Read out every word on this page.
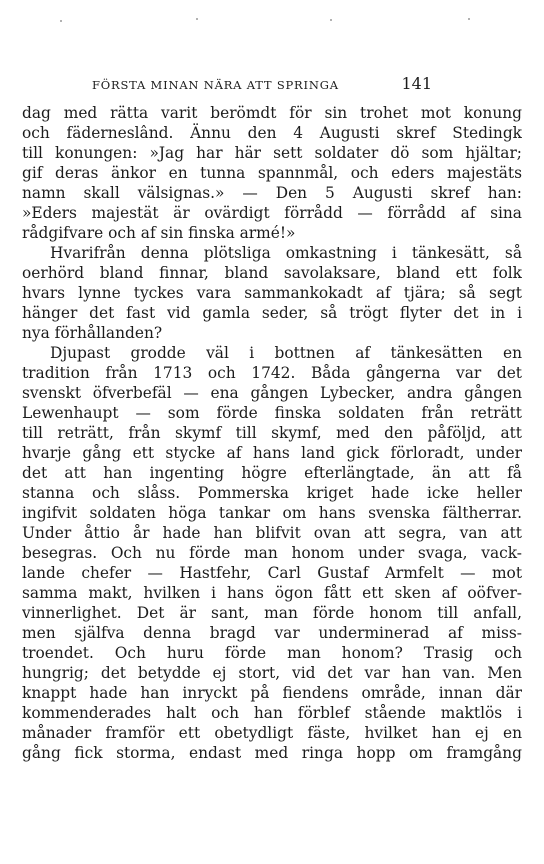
FÖRSTA MINAN NÄRA ATT SPRINGA	141
dag med rätta varit berömdt för sin trohet mot konung
och fäderneslând. Ännu den 4 Augusti skref Stedingk
till konungen: »Jag har här sett soldater dö som hjältar;
gif deras änkor en tunna spannmål, och eders majestäts
namn skall välsignas.» — Den 5 Augusti skref han:
»Eders majestät är ovärdigt förrådd — förrådd af sina
rådgifvare och af sin finska armé!»
Hvarifrån denna plötsliga omkastning i tänkesätt, så
oerhörd bland finnar, bland savolaksare, bland ett folk
hvars lynne tyckes vara sammankokadt af tjära; så segt
hänger det fast vid gamla seder, så trögt flyter det in i
nya förhållanden?
Djupast grodde väl i bottnen af tänkesätten en
tradition från 1713 och 1742. Båda gångerna var det
svenskt öfverbefäl — ena gången Lybecker, andra gången
Lewenhaupt — som förde finska soldaten från reträtt
till reträtt, från skymf till skymf, med den påföljd, att
hvarje gång ett stycke af hans land gick förloradt, under
det att han ingenting högre efterlängtade, än att få
stanna och slåss. Pommerska kriget hade icke heller
ingifvit soldaten höga tankar om hans svenska fältherrar.
Under åttio år hade han blifvit ovan att segra, van att
besegras. Och nu förde man honom under svaga, vack-
lande chefer — Hastfehr, Carl Gustaf Armfelt — mot
samma makt, hvilken i hans ögon fått ett sken af oöfver-
vinnerlighet. Det är sant, man förde honom till anfall,
men själfva denna bragd var underminerad af miss-
troendet. Och huru förde man honom? Trasig och
hungrig; det betydde ej stort, vid det var han van. Men
knappt hade han inryckt på fiendens område, innan där
kommenderades halt och han förblef stående maktlös i
månader framför ett obetydligt fäste, hvilket han ej en
gång fick storma, endast med ringa hopp om framgång
